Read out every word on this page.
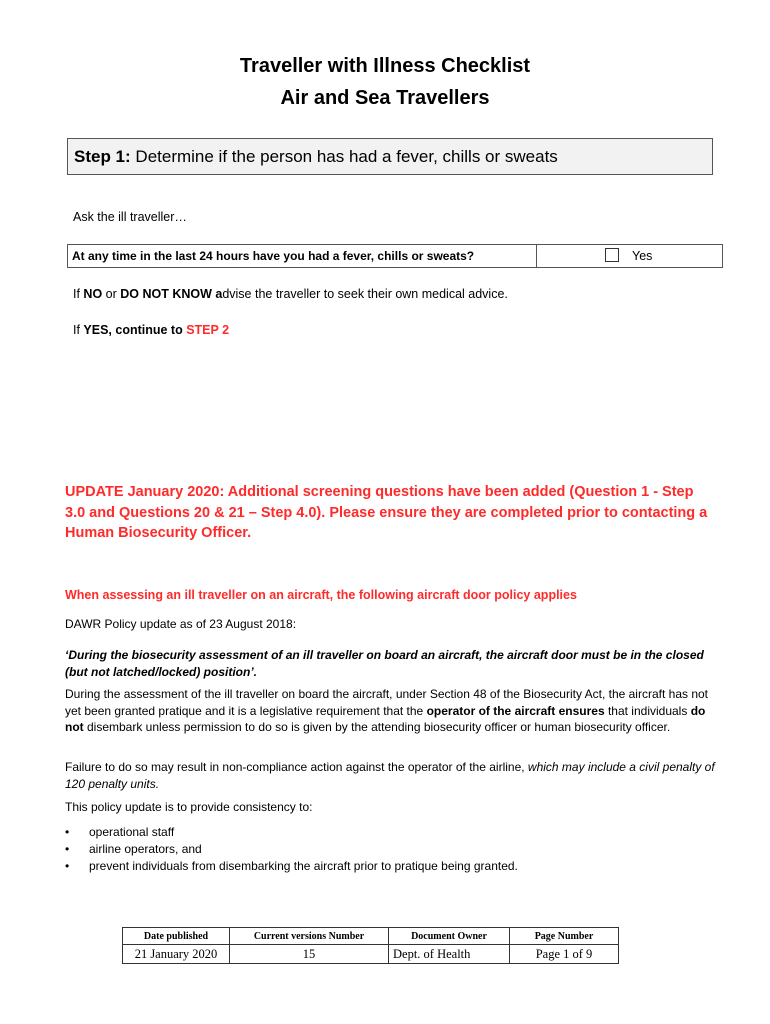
Traveller with Illness Checklist
Air and Sea Travellers
Step 1: Determine if the person has had a fever, chills or sweats
Ask the ill traveller…
At any time in the last 24 hours have you had a fever, chills or sweats?	Yes
If NO or DO NOT KNOW advise the traveller to seek their own medical advice.
If YES, continue to STEP 2
UPDATE January 2020: Additional screening questions have been added (Question 1 - Step 3.0 and Questions 20 & 21 – Step 4.0). Please ensure they are completed prior to contacting a Human Biosecurity Officer.
When assessing an ill traveller on an aircraft, the following aircraft door policy applies
DAWR Policy update as of 23 August 2018:
‘During the biosecurity assessment of an ill traveller on board an aircraft, the aircraft door must be in the closed (but not latched/locked) position’.
During the assessment of the ill traveller on board the aircraft, under Section 48 of the Biosecurity Act, the aircraft has not yet been granted pratique and it is a legislative requirement that the operator of the aircraft ensures that individuals do not disembark unless permission to do so is given by the attending biosecurity officer or human biosecurity officer.
Failure to do so may result in non-compliance action against the operator of the airline, which may include a civil penalty of 120 penalty units.
This policy update is to provide consistency to:
• operational staff
• airline operators, and
• prevent individuals from disembarking the aircraft prior to pratique being granted.
Date published	Current versions Number	Document Owner	Page Number
21 January 2020	15	Dept. of Health	Page 1 of 9
